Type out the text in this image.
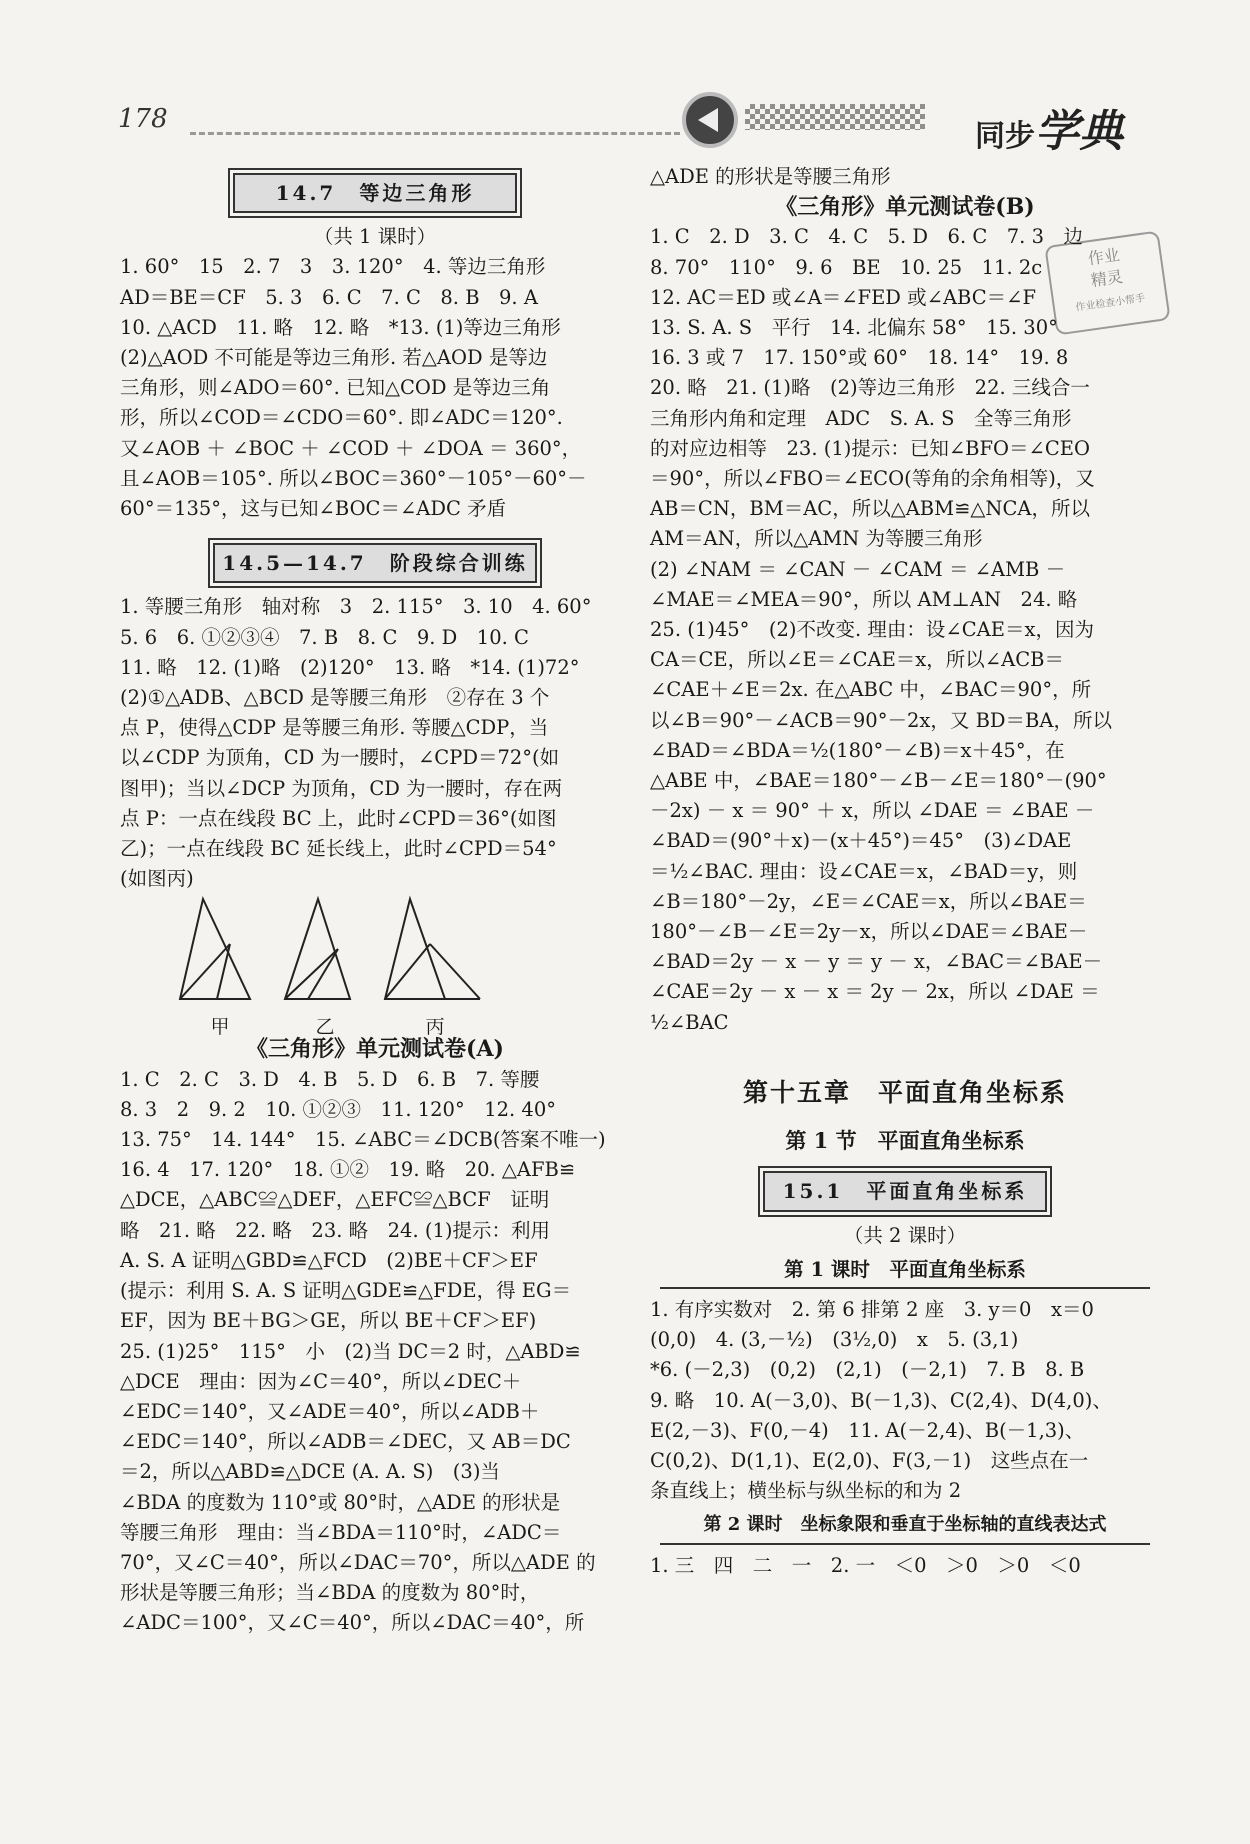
178	同步学典
作业
精灵
作业检查小帮手
14.7　等边三角形

（共 1 课时）

1. 60°　15　2. 7　3　3. 120°　4. 等边三角形

AD＝BE＝CF　5. 3　6. C　7. C　8. B　9. A

10. △ACD　11. 略　12. 略　*13. (1)等边三角形

(2)△AOD 不可能是等边三角形. 若△AOD 是等边

三角形，则∠ADO＝60°. 已知△COD 是等边三角

形，所以∠COD＝∠CDO＝60°. 即∠ADC＝120°.

又∠AOB ＋ ∠BOC ＋ ∠COD ＋ ∠DOA ＝ 360°，

且∠AOB＝105°. 所以∠BOC＝360°－105°－60°－

60°＝135°，这与已知∠BOC＝∠ADC 矛盾

14.5—14.7　阶段综合训练

1. 等腰三角形　轴对称　3　2. 115°　3. 10　4. 60°

5. 6　6. ①②③④　7. B　8. C　9. D　10. C

11. 略　12. (1)略　(2)120°　13. 略　*14. (1)72°

(2)①△ADB、△BCD 是等腰三角形　②存在 3 个

点 P，使得△CDP 是等腰三角形. 等腰△CDP，当

以∠CDP 为顶角，CD 为一腰时，∠CPD＝72°(如

图甲)；当以∠DCP 为顶角，CD 为一腰时，存在两

点 P：一点在线段 BC 上，此时∠CPD＝36°(如图

乙)；一点在线段 BC 延长线上，此时∠CPD＝54°

(如图丙)

甲	乙	丙

《三角形》单元测试卷(A)

1. C　2. C　3. D　4. B　5. D　6. B　7. 等腰

8. 3　2　9. 2　10. ①②③　11. 120°　12. 40°

13. 75°　14. 144°　15. ∠ABC＝∠DCB(答案不唯一)

16. 4　17. 120°　18. ①②　19. 略　20. △AFB≌

△DCE，△ABC≌△DEF，△EFC≌△BCF　证明

略　21. 略　22. 略　23. 略　24. (1)提示：利用

A. S. A 证明△GBD≌△FCD　(2)BE＋CF＞EF

(提示：利用 S. A. S 证明△GDE≌△FDE，得 EG＝

EF，因为 BE＋BG＞GE，所以 BE＋CF＞EF)

25. (1)25°　115°　小　(2)当 DC＝2 时，△ABD≌

△DCE　理由：因为∠C＝40°，所以∠DEC＋

∠EDC＝140°，又∠ADE＝40°，所以∠ADB＋

∠EDC＝140°，所以∠ADB＝∠DEC，又 AB＝DC

＝2，所以△ABD≌△DCE (A. A. S)　(3)当

∠BDA 的度数为 110°或 80°时，△ADE 的形状是

等腰三角形　理由：当∠BDA＝110°时，∠ADC＝

70°，又∠C＝40°，所以∠DAC＝70°，所以△ADE 的

形状是等腰三角形；当∠BDA 的度数为 80°时，

∠ADC＝100°，又∠C＝40°，所以∠DAC＝40°，所

△ADE 的形状是等腰三角形

《三角形》单元测试卷(B)

1. C　2. D　3. C　4. C　5. D　6. C　7. 3　边

8. 70°　110°　9. 6　BE　10. 25　11. 2c

12. AC＝ED 或∠A＝∠FED 或∠ABC＝∠F

13. S. A. S　平行　14. 北偏东 58°　15. 30°

16. 3 或 7　17. 150°或 60°　18. 14°　19. 8

20. 略　21. (1)略　(2)等边三角形　22. 三线合一

三角形内角和定理　ADC　S. A. S　全等三角形

的对应边相等　23. (1)提示：已知∠BFO＝∠CEO

＝90°，所以∠FBO＝∠ECO(等角的余角相等)，又

AB＝CN，BM＝AC，所以△ABM≌△NCA，所以

AM＝AN，所以△AMN 为等腰三角形

(2) ∠NAM ＝ ∠CAN － ∠CAM ＝ ∠AMB －

∠MAE＝∠MEA＝90°，所以 AM⊥AN　24. 略

25. (1)45°　(2)不改变. 理由：设∠CAE＝x，因为

CA＝CE，所以∠E＝∠CAE＝x，所以∠ACB＝

∠CAE＋∠E＝2x. 在△ABC 中，∠BAC＝90°，所

以∠B＝90°－∠ACB＝90°－2x，又 BD＝BA，所以

∠BAD＝∠BDA＝½(180°－∠B)＝x＋45°，在

△ABE 中，∠BAE＝180°－∠B－∠E＝180°－(90°

－2x) － x ＝ 90° ＋ x，所以 ∠DAE ＝ ∠BAE －

∠BAD＝(90°＋x)－(x＋45°)＝45°　(3)∠DAE

＝½∠BAC. 理由：设∠CAE＝x，∠BAD＝y，则

∠B＝180°－2y，∠E＝∠CAE＝x，所以∠BAE＝

180°－∠B－∠E＝2y－x，所以∠DAE＝∠BAE－

∠BAD＝2y － x － y ＝ y － x，∠BAC＝∠BAE－

∠CAE＝2y － x － x ＝ 2y － 2x，所以 ∠DAE ＝

½∠BAC

第十五章　平面直角坐标系
第 1 节　平面直角坐标系
15.1　平面直角坐标系

（共 2 课时）

第 1 课时　平面直角坐标系

1. 有序实数对　2. 第 6 排第 2 座　3. y＝0　x＝0

(0,0)　4. (3,－½)　(3½,0)　x　5. (3,1)

*6. (－2,3)　(0,2)　(2,1)　(－2,1)　7. B　8. B

9. 略　10. A(－3,0)、B(－1,3)、C(2,4)、D(4,0)、

E(2,－3)、F(0,－4)　11. A(－2,4)、B(－1,3)、

C(0,2)、D(1,1)、E(2,0)、F(3,－1)　这些点在一

条直线上；横坐标与纵坐标的和为 2

第 2 课时　坐标象限和垂直于坐标轴的直线表达式

1. 三　四　二　一　2. 一　＜0　＞0　＞0　＜0
